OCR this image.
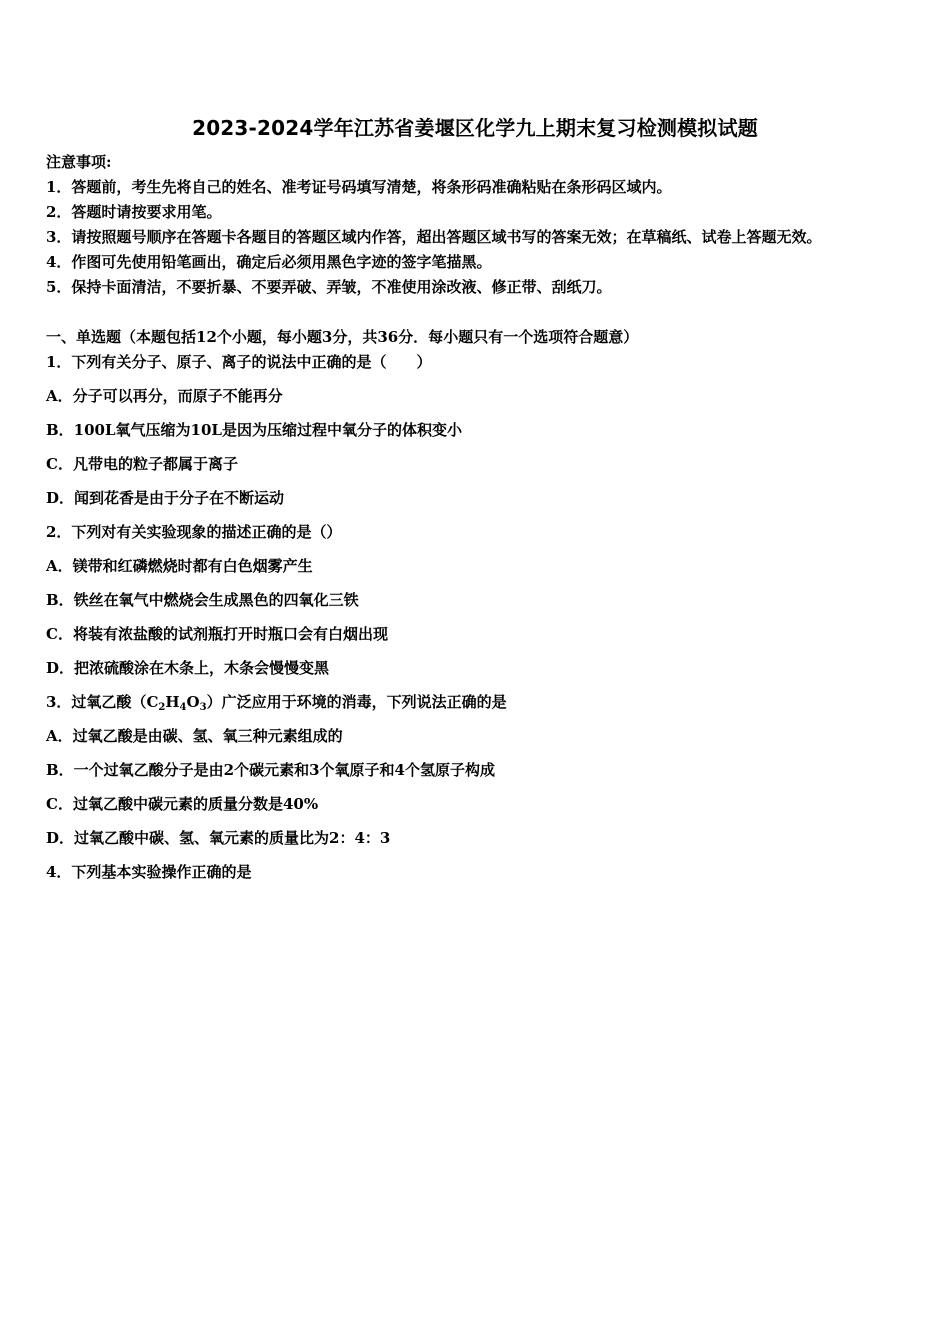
2023-2024学年江苏省姜堰区化学九上期末复习检测模拟试题
注意事项:
1．答题前，考生先将自己的姓名、准考证号码填写清楚，将条形码准确粘贴在条形码区域内。
2．答题时请按要求用笔。
3．请按照题号顺序在答题卡各题目的答题区域内作答，超出答题区域书写的答案无效；在草稿纸、试卷上答题无效。
4．作图可先使用铅笔画出，确定后必须用黑色字迹的签字笔描黑。
5．保持卡面清洁，不要折暴、不要弄破、弄皱，不准使用涂改液、修正带、刮纸刀。
一、单选题（本题包括12个小题，每小题3分，共36分．每小题只有一个选项符合题意）
1．下列有关分子、原子、离子的说法中正确的是（　　）
A．分子可以再分，而原子不能再分
B．100L氧气压缩为10L是因为压缩过程中氧分子的体积变小
C．凡带电的粒子都属于离子
D．闻到花香是由于分子在不断运动
2．下列对有关实验现象的描述正确的是（）
A．镁带和红磷燃烧时都有白色烟雾产生
B．铁丝在氧气中燃烧会生成黑色的四氧化三铁
C．将装有浓盐酸的试剂瓶打开时瓶口会有白烟出现
D．把浓硫酸涂在木条上，木条会慢慢变黑
3．过氧乙酸$(C_2H_4O_3)$广泛应用于环境的消毒，下列说法正确的是
A．过氧乙酸是由碳、氢、氧三种元素组成的
B．一个过氧乙酸分子是由2个碳元素和3个氧原子和4个氢原子构成
C．过氧乙酸中碳元素的质量分数是40%
D．过氧乙酸中碳、氢、氧元素的质量比为2：4：3
4．下列基本实验操作正确的是
